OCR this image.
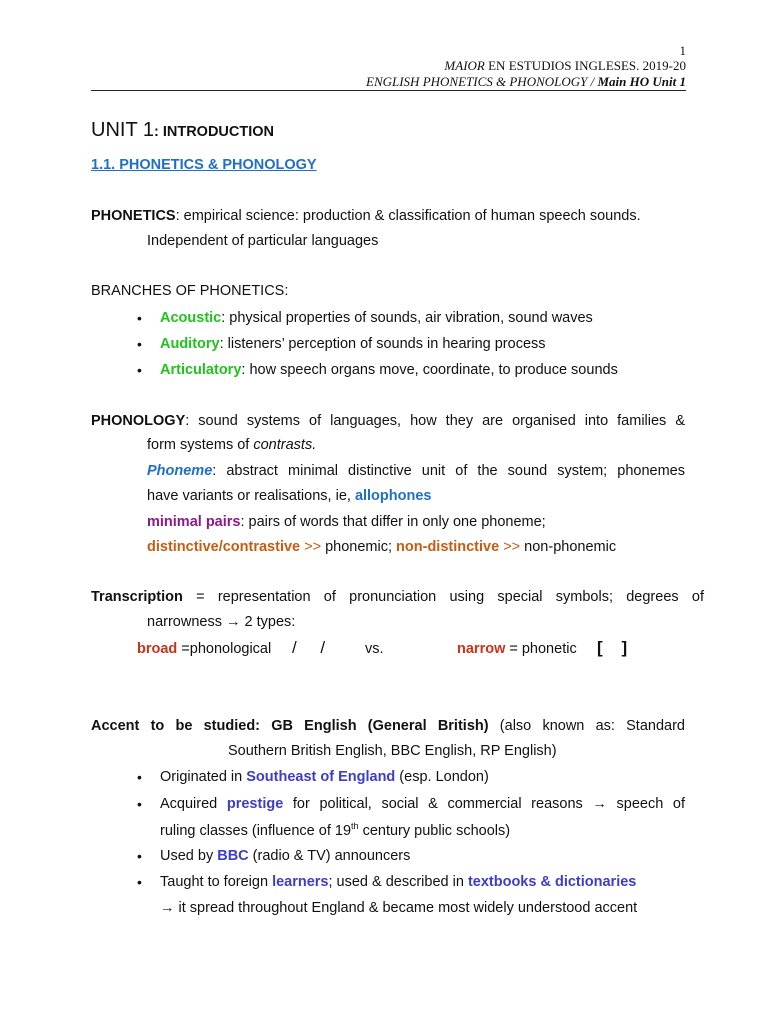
1
MAIOR EN ESTUDIOS INGLESES. 2019-20
ENGLISH PHONETICS & PHONOLOGY / Main HO Unit 1
UNIT 1: INTRODUCTION
1.1. PHONETICS & PHONOLOGY
PHONETICS: empirical science: production & classification of human speech sounds.
Independent of particular languages
BRANCHES OF PHONETICS:
• Acoustic: physical properties of sounds, air vibration, sound waves
• Auditory: listeners’ perception of sounds in hearing process
• Articulatory: how speech organs move, coordinate, to produce sounds
PHONOLOGY: sound systems of languages, how they are organised into families &
form systems of contrasts.
Phoneme: abstract minimal distinctive unit of the sound system; phonemes
have variants or realisations, ie, allophones
minimal pairs: pairs of words that differ in only one phoneme;
distinctive/contrastive >> phonemic; non-distinctive >> non-phonemic
Transcription = representation of pronunciation using special symbols; degrees of
narrowness → 2 types:
broad =phonological /     /	vs.	narrow = phonetic [    ]
Accent to be studied: GB English (General British) (also known as: Standard
Southern British English, BBC English, RP English)
• Originated in Southeast of England (esp. London)
• Acquired prestige for political, social & commercial reasons → speech of
ruling classes (influence of 19th century public schools)
• Used by BBC (radio & TV) announcers
• Taught to foreign learners; used & described in textbooks & dictionaries
→ it spread throughout England & became most widely understood accent
